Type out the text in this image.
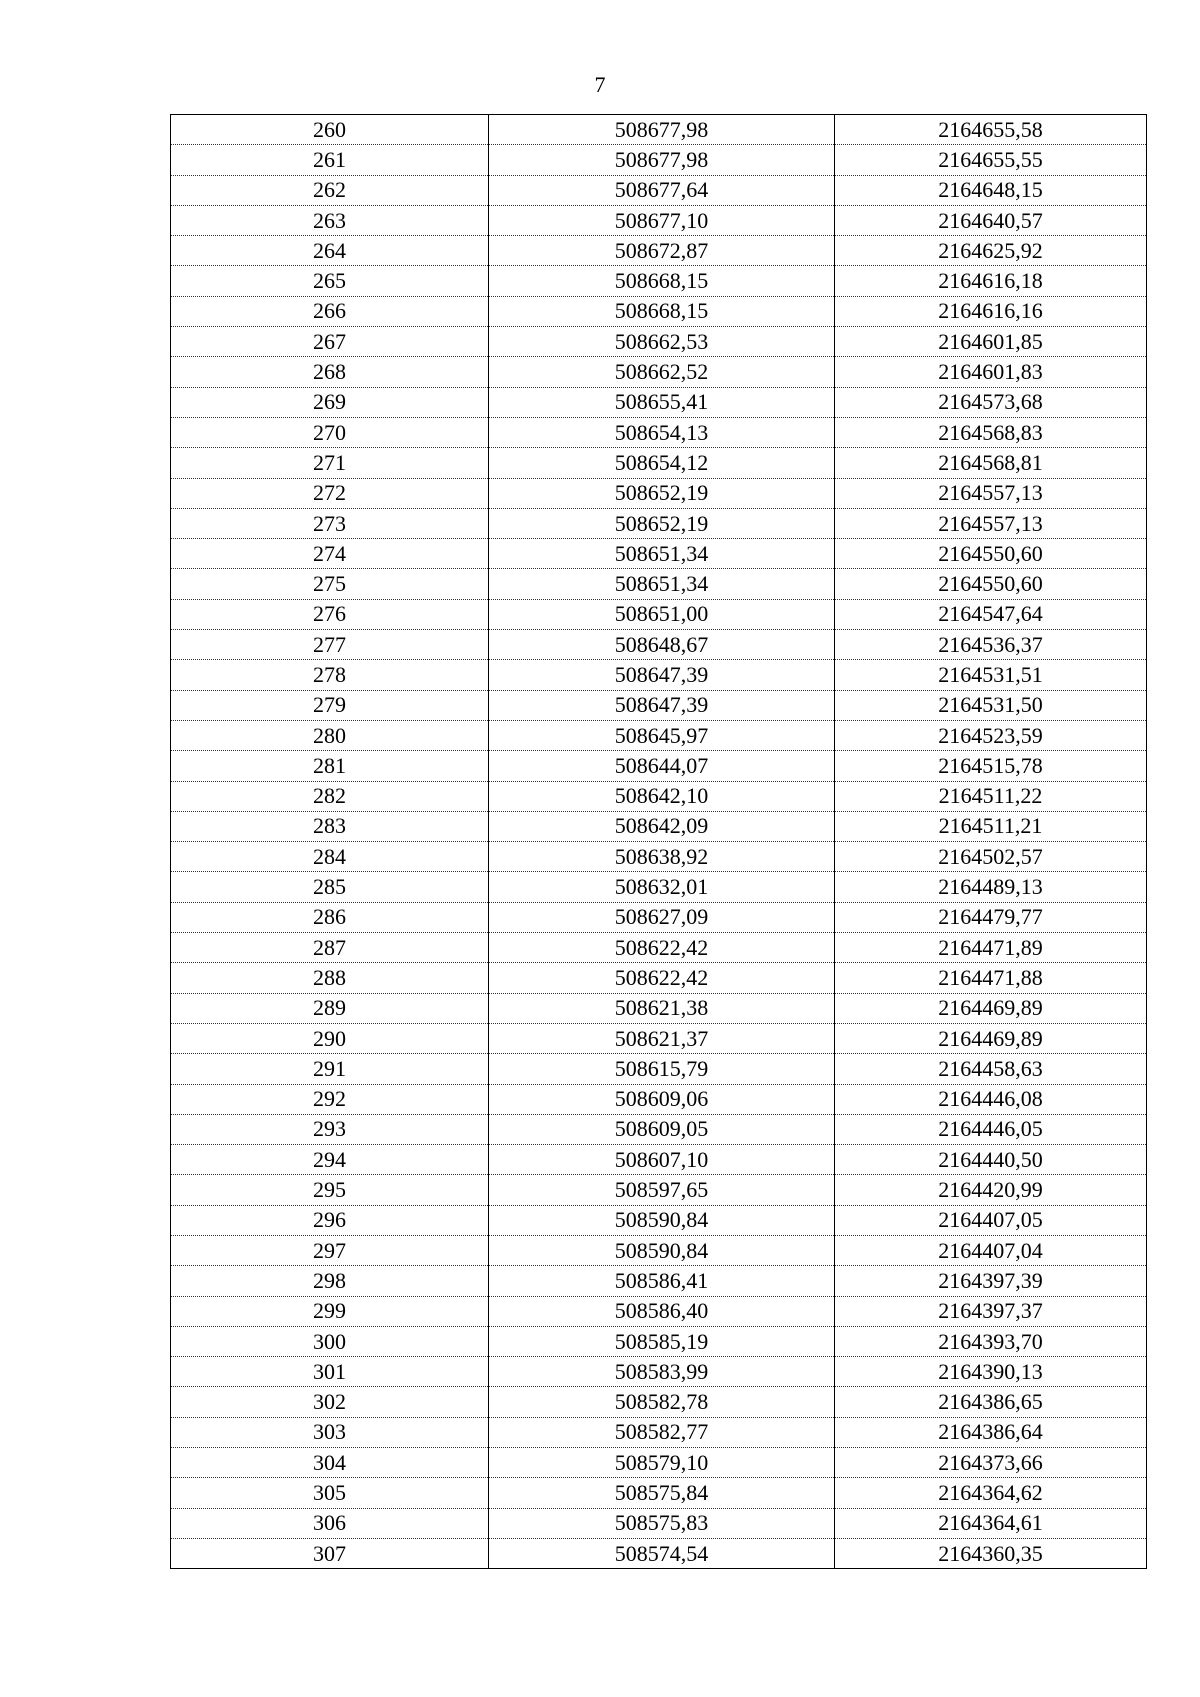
7
260	508677,98	2164655,58
261	508677,98	2164655,55
262	508677,64	2164648,15
263	508677,10	2164640,57
264	508672,87	2164625,92
265	508668,15	2164616,18
266	508668,15	2164616,16
267	508662,53	2164601,85
268	508662,52	2164601,83
269	508655,41	2164573,68
270	508654,13	2164568,83
271	508654,12	2164568,81
272	508652,19	2164557,13
273	508652,19	2164557,13
274	508651,34	2164550,60
275	508651,34	2164550,60
276	508651,00	2164547,64
277	508648,67	2164536,37
278	508647,39	2164531,51
279	508647,39	2164531,50
280	508645,97	2164523,59
281	508644,07	2164515,78
282	508642,10	2164511,22
283	508642,09	2164511,21
284	508638,92	2164502,57
285	508632,01	2164489,13
286	508627,09	2164479,77
287	508622,42	2164471,89
288	508622,42	2164471,88
289	508621,38	2164469,89
290	508621,37	2164469,89
291	508615,79	2164458,63
292	508609,06	2164446,08
293	508609,05	2164446,05
294	508607,10	2164440,50
295	508597,65	2164420,99
296	508590,84	2164407,05
297	508590,84	2164407,04
298	508586,41	2164397,39
299	508586,40	2164397,37
300	508585,19	2164393,70
301	508583,99	2164390,13
302	508582,78	2164386,65
303	508582,77	2164386,64
304	508579,10	2164373,66
305	508575,84	2164364,62
306	508575,83	2164364,61
307	508574,54	2164360,35
